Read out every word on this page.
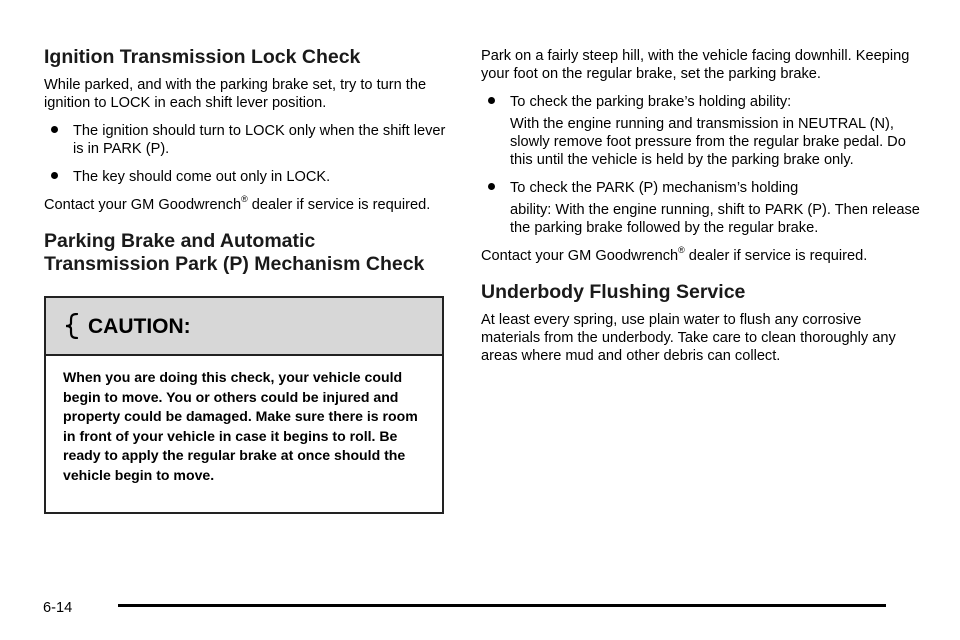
Ignition Transmission Lock Check

While parked, and with the parking brake set, try to turn the ignition to LOCK in each shift lever position.

The ignition should turn to LOCK only when the shift lever is in PARK (P).
The key should come out only in LOCK.

Contact your GM Goodwrench® dealer if service is required.

Parking Brake and Automatic
Transmission Park (P) Mechanism Check
CAUTION:
When you are doing this check, your vehicle could begin to move. You or others could be injured and property could be damaged. Make sure there is room in front of your vehicle in case it begins to roll. Be ready to apply the regular brake at once should the vehicle begin to move.

Park on a fairly steep hill, with the vehicle facing downhill. Keeping your foot on the regular brake, set the parking brake.

To check the parking brake’s holding ability:
With the engine running and transmission in NEUTRAL (N), slowly remove foot pressure from the regular brake pedal. Do this until the vehicle is held by the parking brake only.
To check the PARK (P) mechanism’s holding
ability: With the engine running, shift to PARK (P). Then release the parking brake followed by the regular brake.

Contact your GM Goodwrench® dealer if service is required.

Underbody Flushing Service

At least every spring, use plain water to flush any corrosive materials from the underbody. Take care to clean thoroughly any areas where mud and other debris can collect.

6-14
